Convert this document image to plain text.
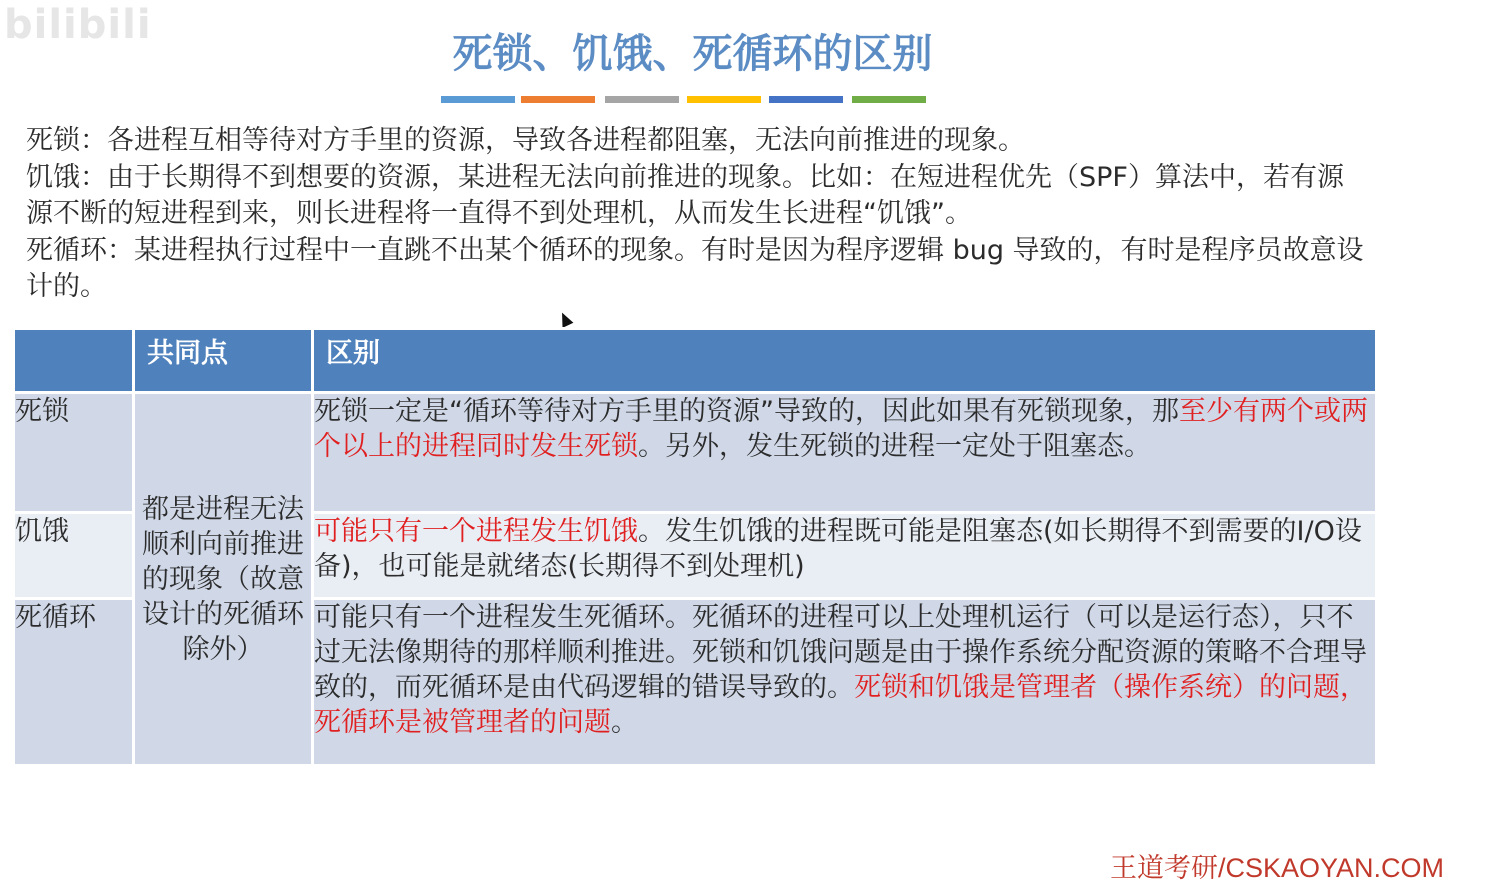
bilibili
死锁、饥饿、死循环的区别

死锁：各进程互相等待对方手里的资源，导致各进程都阻塞，无法向前推进的现象。

饥饿：由于长期得不到想要的资源，某进程无法向前推进的现象。比如：在短进程优先（SPF）算法中，若有源源不断的短进程到来，则长进程将一直得不到处理机，从而发生长进程“饥饿”。

死循环：某进程执行过程中一直跳不出某个循环的现象。有时是因为程序逻辑 bug 导致的，有时是程序员故意设计的。

	共同点	区别
死锁	都是进程无法顺利向前推进的现象（故意设计的死循环除外）	死锁一定是“循环等待对方手里的资源”导致的，因此如果有死锁现象，那至少有两个或两个以上的进程同时发生死锁。另外，发生死锁的进程一定处于阻塞态。
饥饿		可能只有一个进程发生饥饿。发生饥饿的进程既可能是阻塞态(如长期得不到需要的I/O设备)，也可能是就绪态(长期得不到处理机)
死循环		可能只有一个进程发生死循环。死循环的进程可以上处理机运行（可以是运行态），只不过无法像期待的那样顺利推进。死锁和饥饿问题是由于操作系统分配资源的策略不合理导致的，而死循环是由代码逻辑的错误导致的。死锁和饥饿是管理者（操作系统）的问题，死循环是被管理者的问题。
王道考研/CSKAOYAN.COM
